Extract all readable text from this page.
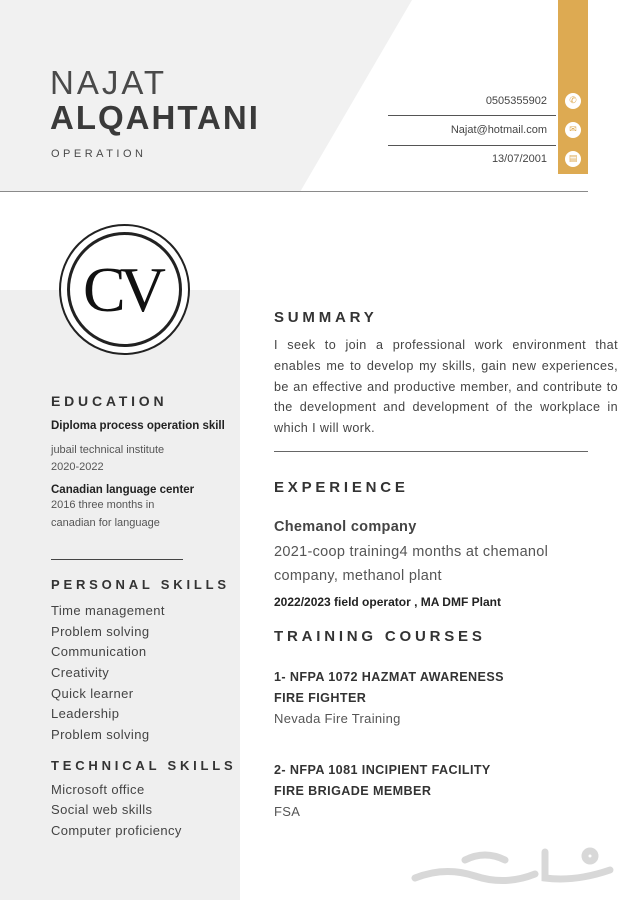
NAJAT
ALQAHTANI
OPERATION
0505355902	✆
Najat@hotmail.com	✉
13/07/2001	▤
CV
EDUCATION
Diploma process operation skill
jubail technical institute
2020-2022
Canadian language center
2016 three months in
canadian for language
PERSONAL SKILLS
Time management
Problem solving
Communication
Creativity
Quick learner
Leadership
Problem solving
TECHNICAL SKILLS
Microsoft office
Social web skills
Computer proficiency
SUMMARY
I seek to join a professional work environment that enables me to develop my skills, gain new experiences, be an effective and productive member, and contribute to the development and development of the workplace in which I will work.
EXPERIENCE
Chemanol company
2021-coop training4 months at chemanol company, methanol plant
2022/2023 field operator , MA DMF Plant
TRAINING COURSES
1- NFPA 1072 HAZMAT AWARENESS
FIRE FIGHTER
Nevada Fire Training
2- NFPA 1081 INCIPIENT FACILITY
FIRE BRIGADE MEMBER
FSA
